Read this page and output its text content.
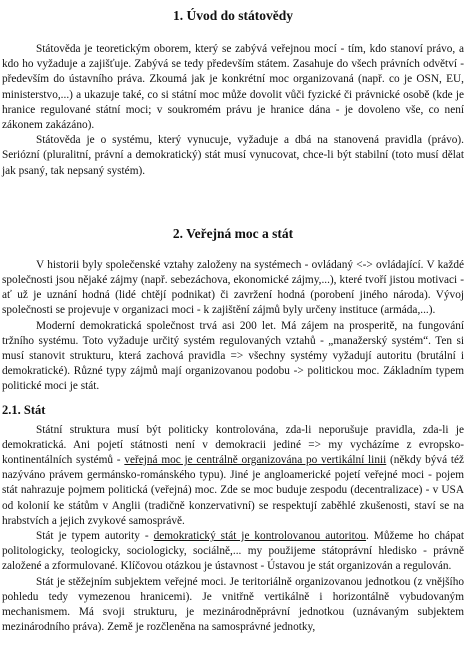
1. Úvod do státovědy

Státověda je teoretickým oborem, který se zabývá veřejnou mocí - tím, kdo stanoví právo, a kdo ho vyžaduje a zajišťuje. Zabývá se tedy především státem. Zasahuje do všech právních odvětví - především do ústavního práva. Zkoumá jak je konkrétní moc organizovaná (např. co je OSN, EU, ministerstvo,...) a ukazuje také, co si státní moc může dovolit vůči fyzické či právnické osobě (kde je hranice regulované státní moci; v soukromém právu je hranice dána - je dovoleno vše, co není zákonem zakázáno).

Státověda je o systému, který vynucuje, vyžaduje a dbá na stanovená pravidla (právo). Seriózní (pluralitní, právní a demokratický) stát musí vynucovat, chce-li být stabilní (toto musí dělat jak psaný, tak nepsaný systém).

2. Veřejná moc a stát

V historii byly společenské vztahy založeny na systémech - ovládaný <-> ovládající. V každé společnosti jsou nějaké zájmy (např. sebezáchova, ekonomické zájmy,...), které tvoří jistou motivaci - ať už je uznání hodná (lidé chtějí podnikat) či zavržení hodná (porobení jiného národa). Vývoj společnosti se projevuje v organizaci moci - k zajištění zájmů byly určeny instituce (armáda,...).

Moderní demokratická společnost trvá asi 200 let. Má zájem na prosperitě, na fungování tržního systému. Toto vyžaduje určitý systém regulovaných vztahů - „manažerský systém“. Ten si musí stanovit strukturu, která zachová pravidla => všechny systémy vyžadují autoritu (brutální i demokratické). Různé typy zájmů mají organizovanou podobu -> politickou moc. Základním typem politické moci je stát.

2.1. Stát

Státní struktura musí být politicky kontrolována, zda-li neporušuje pravidla, zda-li je demokratická. Ani pojetí státnosti není v demokracii jediné => my vycházíme z evropsko-kontinentálních systémů - veřejná moc je centrálně organizována po vertikální linii (někdy bývá též nazýváno právem germánsko-románského typu). Jiné je angloamerické pojetí veřejné moci - pojem stát nahrazuje pojmem politická (veřejná) moc. Zde se moc buduje zespodu (decentralizace) - v USA od kolonií ke státům v Anglii (tradičně konzervativní) se respektují zaběhlé zkušenosti, staví se na hrabstvích a jejich zvykové samosprávě.

Stát je typem autority - demokratický stát je kontrolovanou autoritou. Můžeme ho chápat politologicky, teologicky, sociologicky, sociálně,... my použijeme státoprávní hledisko - právně založené a zformulované. Klíčovou otázkou je ústavnost - Ústavou je stát organizován a regulován.

Stát je stěžejním subjektem veřejné moci. Je teritoriálně organizovanou jednotkou (z vnějšího pohledu tedy vymezenou hranicemi). Je vnitřně vertikálně i horizontálně vybudovaným mechanismem. Má svoji strukturu, je mezinárodněprávní jednotkou (uznávaným subjektem mezinárodního práva). Země je rozčleněna na samosprávné jednotky,
